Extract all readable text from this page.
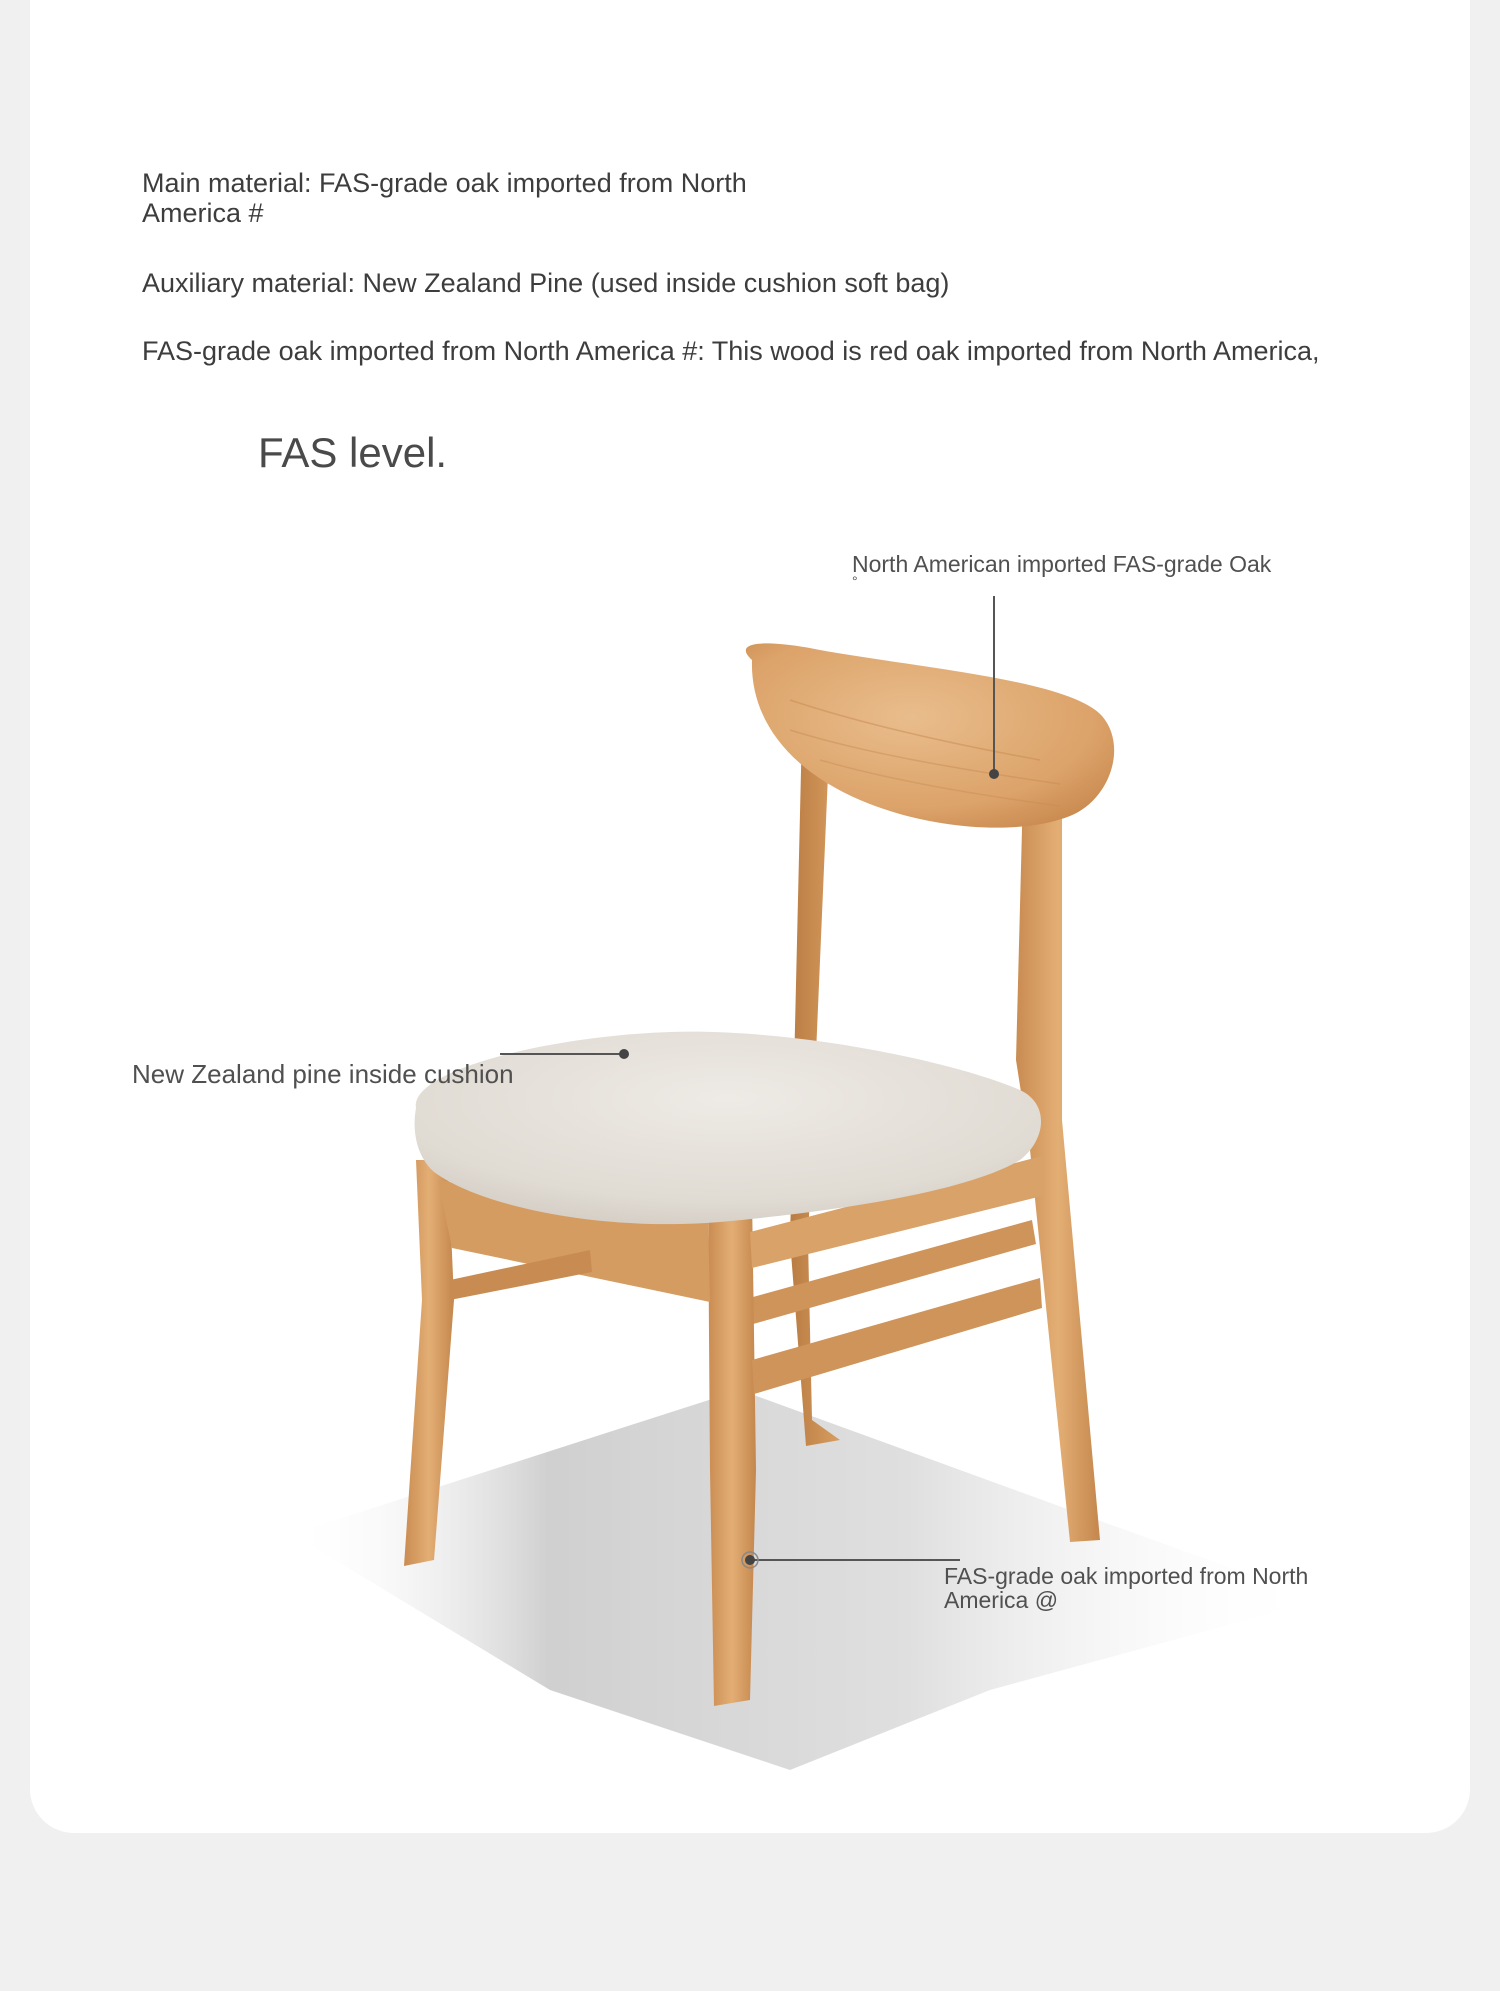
Main material: FAS-grade oak imported from North America #
Auxiliary material: New Zealand Pine (used inside cushion soft bag)
FAS-grade oak imported from North America #: This wood is red oak imported from North America,
FAS level.
North American imported FAS-grade Oak
°
New Zealand pine inside cushion
FAS-grade oak imported from North America @
